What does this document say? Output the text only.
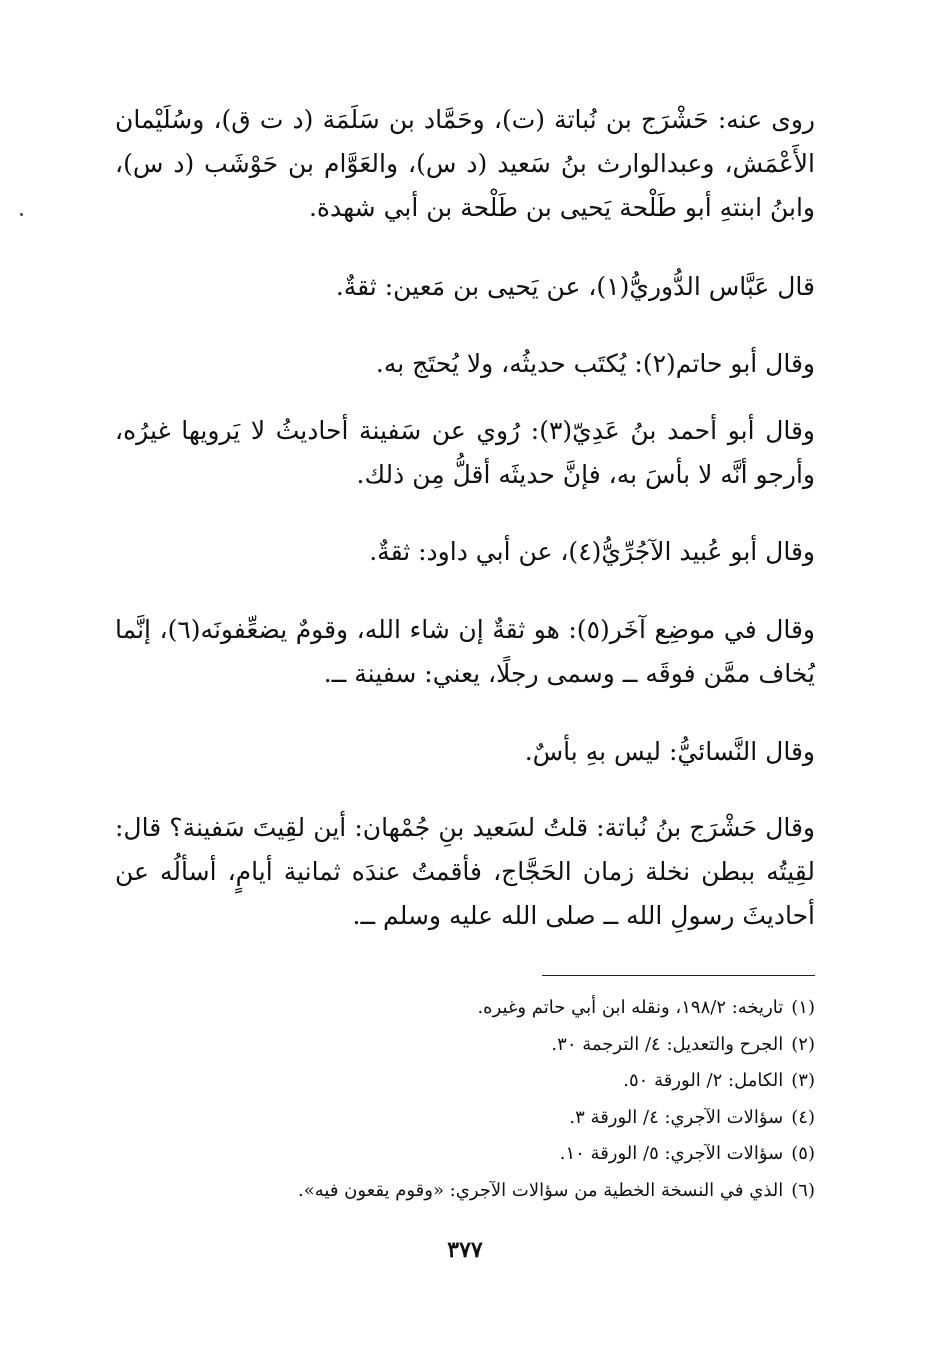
روى عنه: حَشْرَج بن نُباتة (ت)، وحَمَّاد بن سَلَمَة (د ت ق)، وسُلَيْمان الأَعْمَش، وعبدالوارث بنُ سَعيد (د س)، والعَوَّام بن حَوْشَب (د س)، وابنُ ابنتهِ أبو طَلْحة يَحيى بن طَلْحة بن أبي شهدة.

قال عَبَّاس الدُّوريُّ(١)، عن يَحيى بن مَعين: ثقةٌ.

وقال أبو حاتم(٢): يُكتَب حديثُه، ولا يُحتَج به.

وقال أبو أحمد بنُ عَدِيّ(٣): رُوي عن سَفينة أحاديثُ لا يَرويها غيرُه، وأرجو أنَّه لا بأسَ به، فإنَّ حديثَه أقلُّ مِن ذلك.

وقال أبو عُبيد الآجُرِّيُّ(٤)، عن أبي داود: ثقةٌ.

وقال في موضِع آخَر(٥): هو ثقةٌ إن شاء الله، وقومٌ يضعِّفونَه(٦)، إنَّما يُخاف ممَّن فوقَه ــ وسمى رجلًا، يعني: سفينة ــ.

وقال النَّسائيُّ: ليس بهِ بأسٌ.

وقال حَشْرَج بنُ نُباتة: قلتُ لسَعيد بنِ جُمْهان: أين لقِيتَ سَفينة؟ قال: لقِيتُه ببطن نخلة زمان الحَجَّاج، فأقمتُ عندَه ثمانية أيامٍ، أسألُه عن أحاديثَ رسولِ الله ــ صلى الله عليه وسلم ــ.

(١)تاريخه: ١٩٨/٢، ونقله ابن أبي حاتم وغيره.
(٢)الجرح والتعديل: ٤/ الترجمة ٣٠.
(٣)الكامل: ٢/ الورقة ٥٠.
(٤)سؤالات الآجري: ٤/ الورقة ٣.
(٥)سؤالات الآجري: ٥/ الورقة ١٠.
(٦)الذي في النسخة الخطية من سؤالات الآجري: «وقوم يقعون فيه».
٣٧٧
